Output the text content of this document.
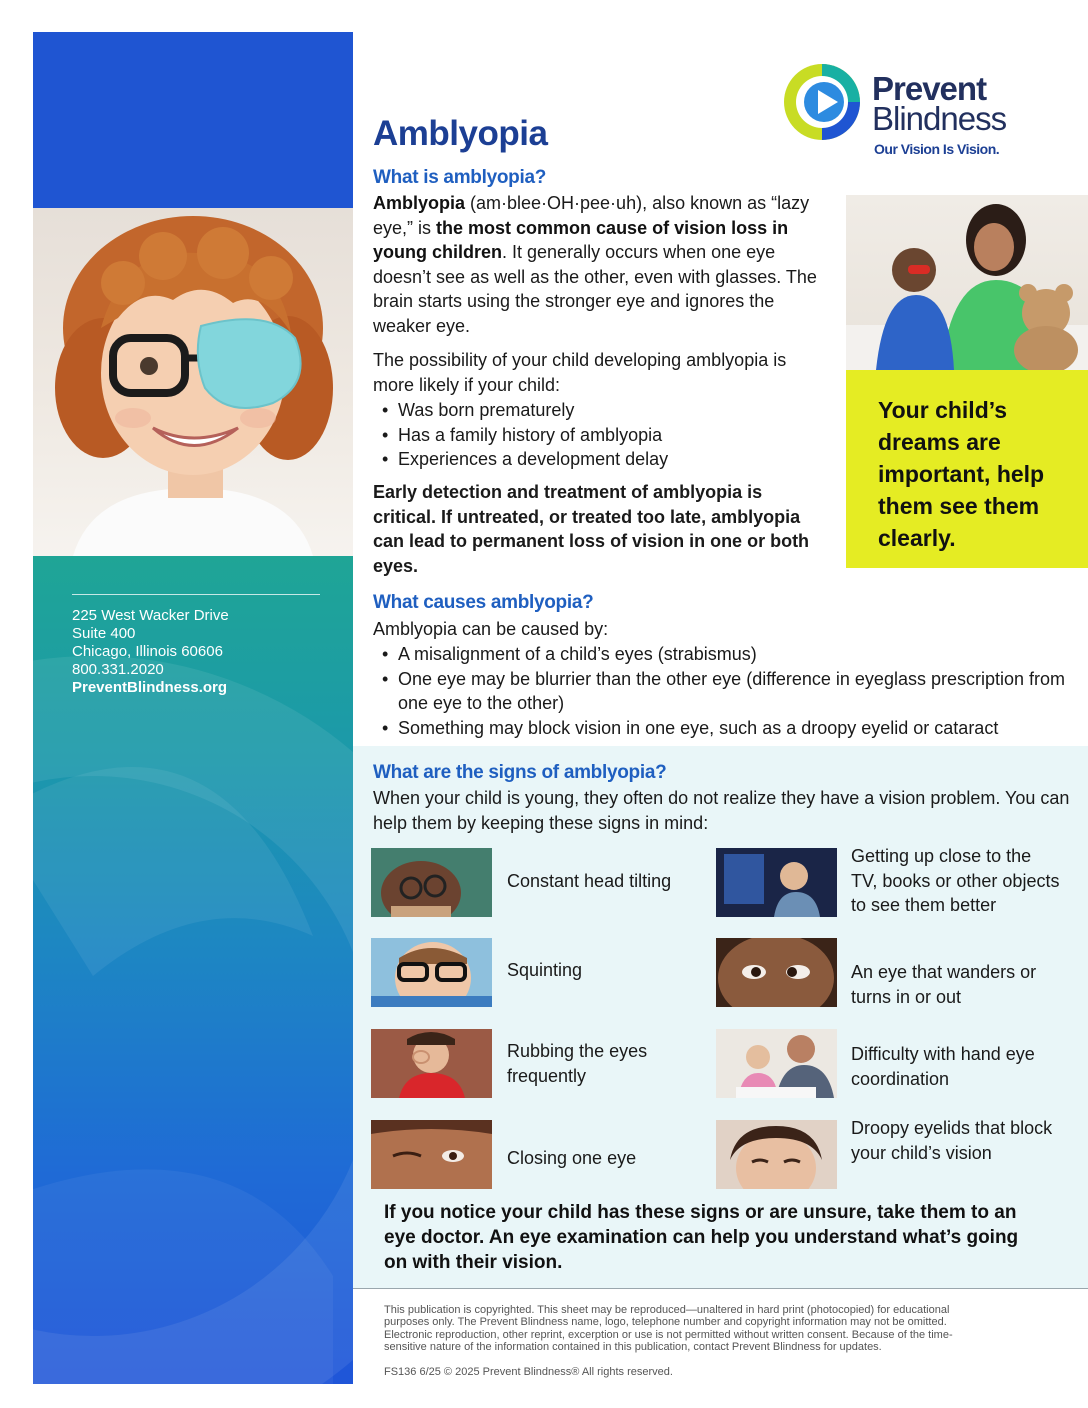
225 West Wacker Drive
Suite 400
Chicago, Illinois 60606
800.331.2020
PreventBlindness.org
Amblyopia
Prevent
Blindness
Our Vision Is Vision.
What is amblyopia?
Amblyopia (am·blee·OH·pee·uh), also known as “lazy eye,” is the most common cause of vision loss in young children. It generally occurs when one eye doesn’t see as well as the other, even with glasses. The brain starts using the stronger eye and ignores the weaker eye.
The possibility of your child developing amblyopia is more likely if your child:
• Was born prematurely
• Has a family history of amblyopia
• Experiences a development delay
Early detection and treatment of amblyopia is critical. If untreated, or treated too late, amblyopia can lead to permanent loss of vision in one or both eyes.
Your child’s dreams are important, help them see them clearly.
What causes amblyopia?
Amblyopia can be caused by:
• A misalignment of a child’s eyes (strabismus)
• One eye may be blurrier than the other eye (difference in eyeglass prescription from one eye to the other)
• Something may block vision in one eye, such as a droopy eyelid or cataract
What are the signs of amblyopia?
When your child is young, they often do not realize they have a vision problem. You can help them by keeping these signs in mind:
Constant head tilting
Getting up close to the TV, books or other objects to see them better
Squinting	An eye that wanders or turns in or out
Rubbing the eyes frequently
Difficulty with hand eye coordination
Closing one eye
Droopy eyelids that block your child’s vision
If you notice your child has these signs or are unsure, take them to an eye doctor. An eye examination can help you understand what’s going on with their vision.
This publication is copyrighted. This sheet may be reproduced—unaltered in hard print (photocopied) for educational purposes only. The Prevent Blindness name, logo, telephone number and copyright information may not be omitted. Electronic reproduction, other reprint, excerption or use is not permitted without written consent. Because of the time-sensitive nature of the information contained in this publication, contact Prevent Blindness for updates.
FS136 6/25 © 2025 Prevent Blindness® All rights reserved.
